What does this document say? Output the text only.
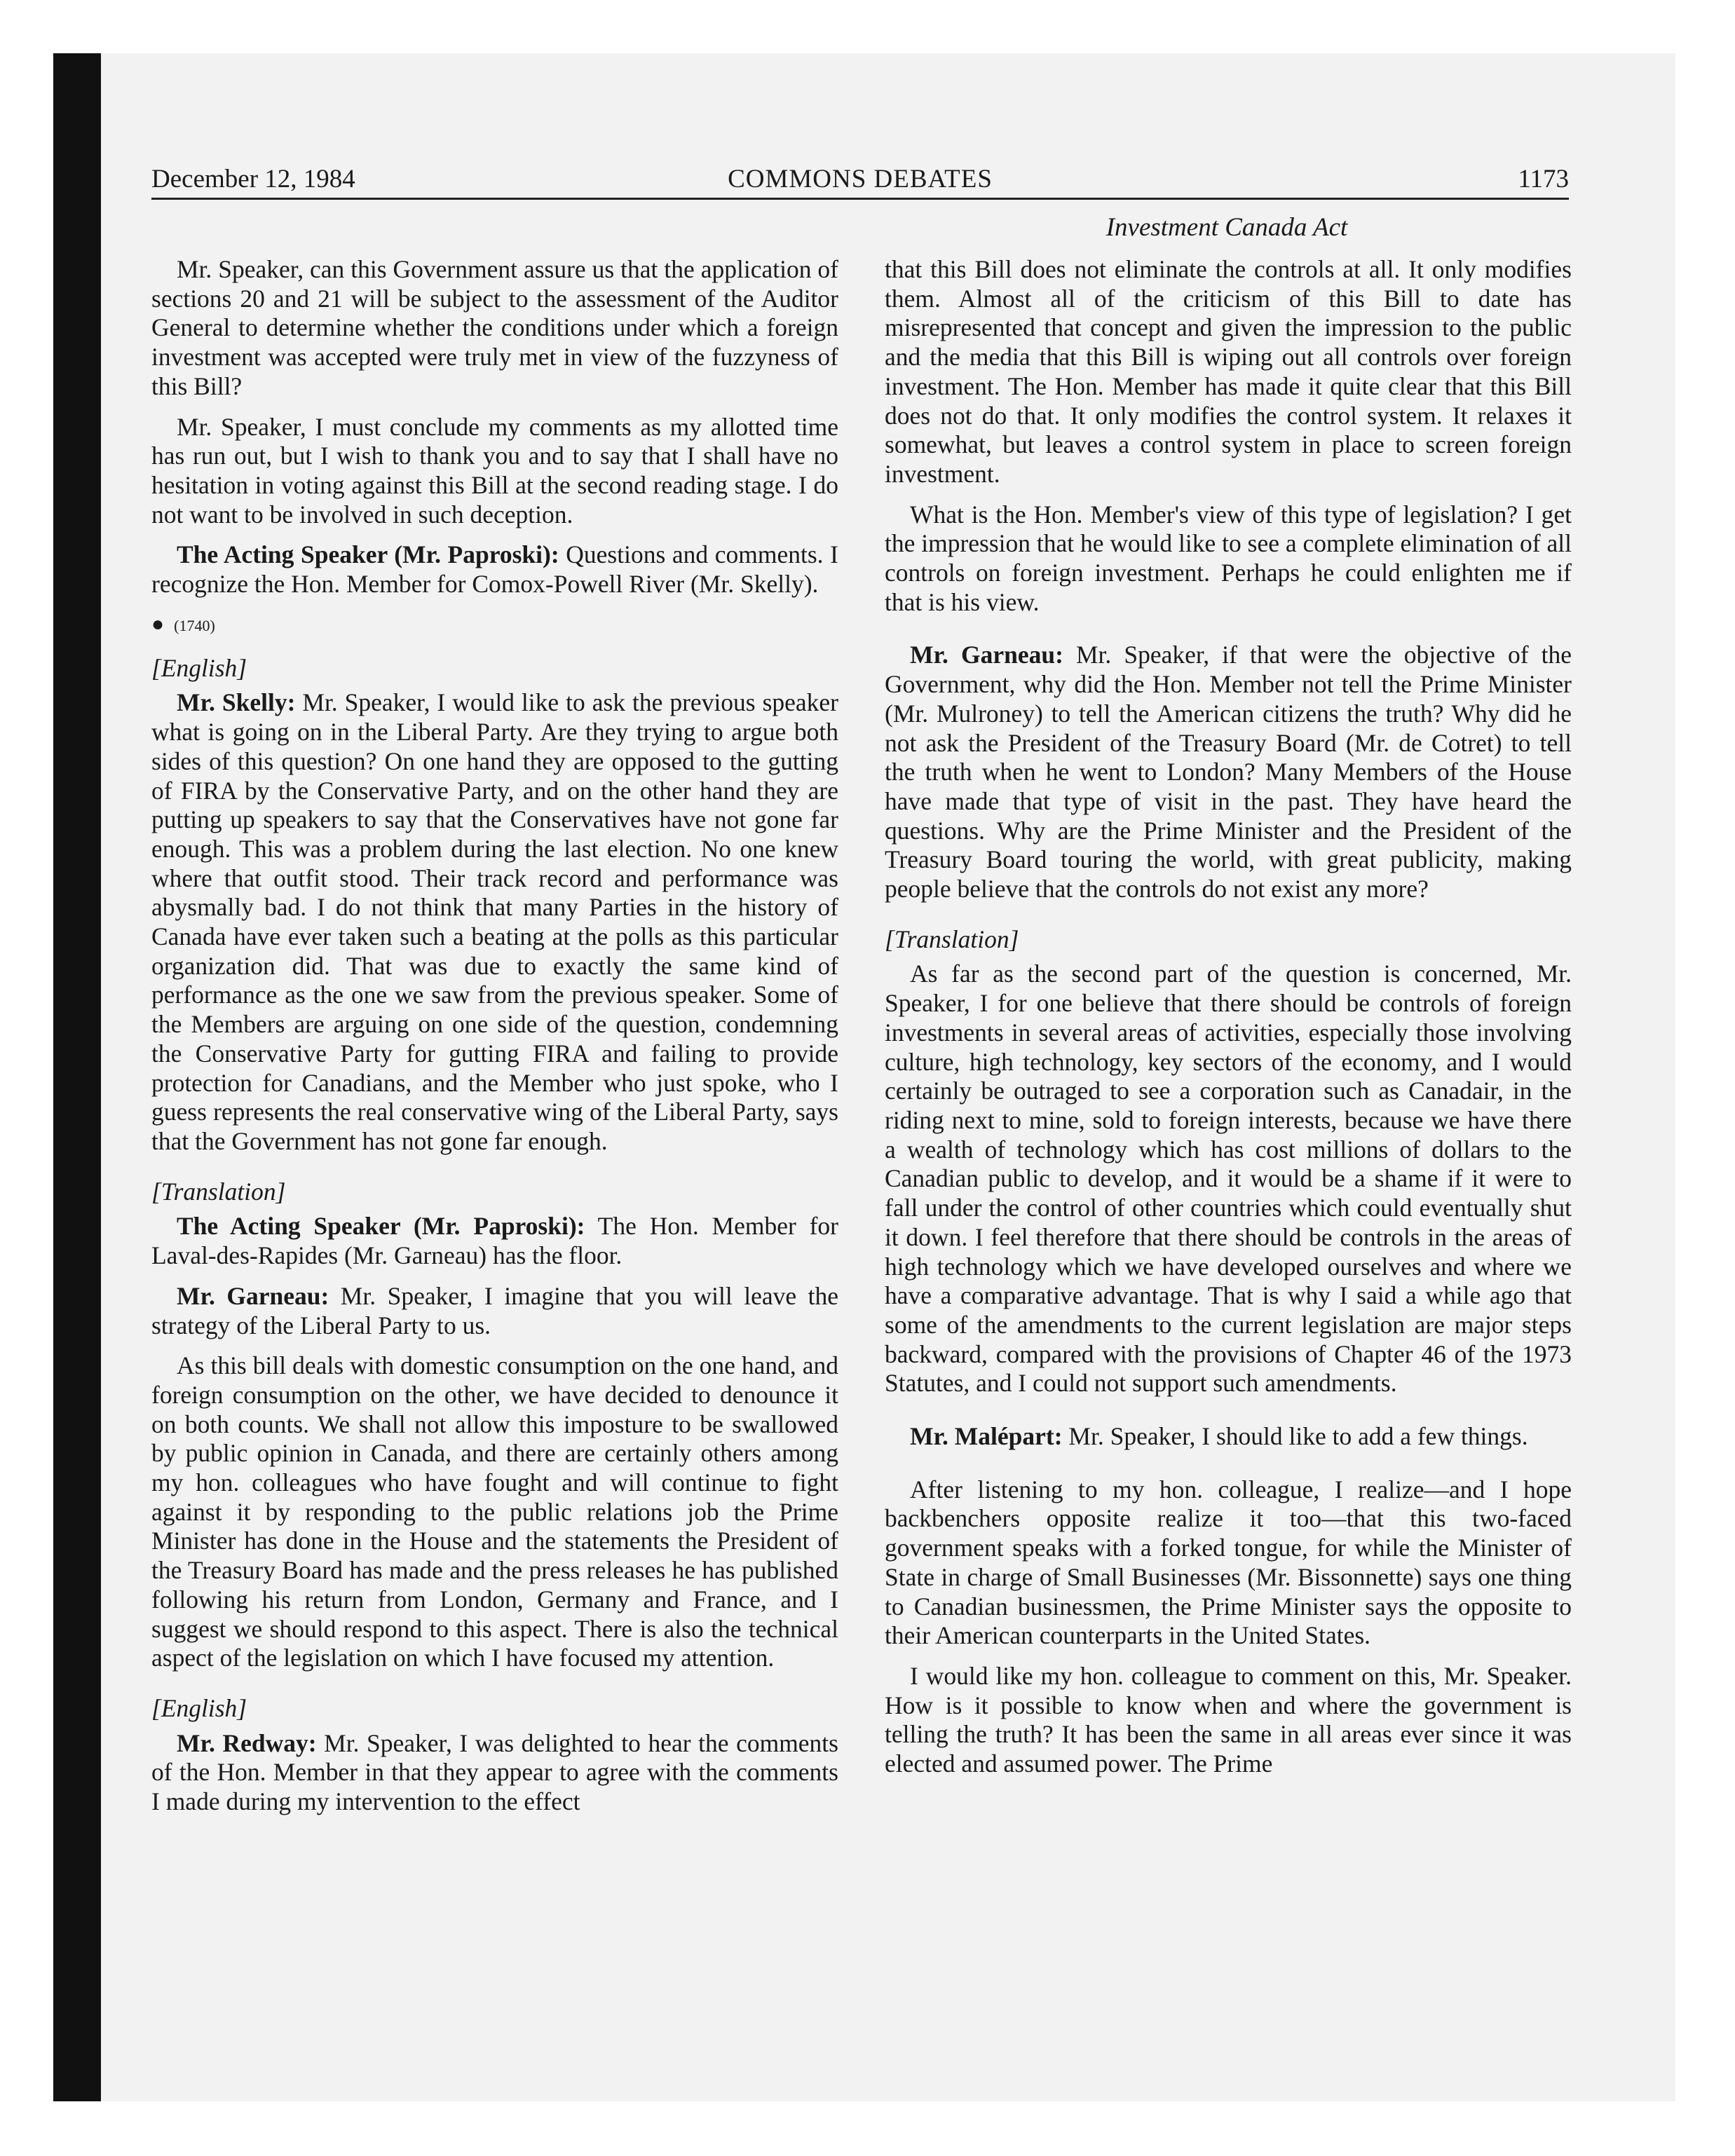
December 12, 1984	COMMONS DEBATES	1173
Investment Canada Act

Mr. Speaker, can this Government assure us that the application of sections 20 and 21 will be subject to the assessment of the Auditor General to determine whether the conditions under which a foreign investment was accepted were truly met in view of the fuzzyness of this Bill?

Mr. Speaker, I must conclude my comments as my allotted time has run out, but I wish to thank you and to say that I shall have no hesitation in voting against this Bill at the second reading stage. I do not want to be involved in such deception.

The Acting Speaker (Mr. Paproski): Questions and comments. I recognize the Hon. Member for Comox-Powell River (Mr. Skelly).

● (1740)

[English]

Mr. Skelly: Mr. Speaker, I would like to ask the previous speaker what is going on in the Liberal Party. Are they trying to argue both sides of this question? On one hand they are opposed to the gutting of FIRA by the Conservative Party, and on the other hand they are putting up speakers to say that the Conservatives have not gone far enough. This was a problem during the last election. No one knew where that outfit stood. Their track record and performance was abysmally bad. I do not think that many Parties in the history of Canada have ever taken such a beating at the polls as this particular organization did. That was due to exactly the same kind of performance as the one we saw from the previous speaker. Some of the Members are arguing on one side of the question, condemning the Conservative Party for gutting FIRA and failing to provide protection for Canadians, and the Member who just spoke, who I guess represents the real conservative wing of the Liberal Party, says that the Government has not gone far enough.

[Translation]

The Acting Speaker (Mr. Paproski): The Hon. Member for Laval-des-Rapides (Mr. Garneau) has the floor.

Mr. Garneau: Mr. Speaker, I imagine that you will leave the strategy of the Liberal Party to us.

As this bill deals with domestic consumption on the one hand, and foreign consumption on the other, we have decided to denounce it on both counts. We shall not allow this imposture to be swallowed by public opinion in Canada, and there are certainly others among my hon. colleagues who have fought and will continue to fight against it by responding to the public relations job the Prime Minister has done in the House and the statements the President of the Treasury Board has made and the press releases he has published following his return from London, Germany and France, and I suggest we should respond to this aspect. There is also the technical aspect of the legislation on which I have focused my attention.

[English]

Mr. Redway: Mr. Speaker, I was delighted to hear the comments of the Hon. Member in that they appear to agree with the comments I made during my intervention to the effect

that this Bill does not eliminate the controls at all. It only modifies them. Almost all of the criticism of this Bill to date has misrepresented that concept and given the impression to the public and the media that this Bill is wiping out all controls over foreign investment. The Hon. Member has made it quite clear that this Bill does not do that. It only modifies the control system. It relaxes it somewhat, but leaves a control system in place to screen foreign investment.

What is the Hon. Member's view of this type of legislation? I get the impression that he would like to see a complete elimination of all controls on foreign investment. Perhaps he could enlighten me if that is his view.

Mr. Garneau: Mr. Speaker, if that were the objective of the Government, why did the Hon. Member not tell the Prime Minister (Mr. Mulroney) to tell the American citizens the truth? Why did he not ask the President of the Treasury Board (Mr. de Cotret) to tell the truth when he went to London? Many Members of the House have made that type of visit in the past. They have heard the questions. Why are the Prime Minister and the President of the Treasury Board touring the world, with great publicity, making people believe that the controls do not exist any more?

[Translation]

As far as the second part of the question is concerned, Mr. Speaker, I for one believe that there should be controls of foreign investments in several areas of activities, especially those involving culture, high technology, key sectors of the economy, and I would certainly be outraged to see a corporation such as Canadair, in the riding next to mine, sold to foreign interests, because we have there a wealth of technology which has cost millions of dollars to the Canadian public to develop, and it would be a shame if it were to fall under the control of other countries which could eventually shut it down. I feel therefore that there should be controls in the areas of high technology which we have developed ourselves and where we have a comparative advantage. That is why I said a while ago that some of the amendments to the current legislation are major steps backward, compared with the provisions of Chapter 46 of the 1973 Statutes, and I could not support such amendments.

Mr. Malépart: Mr. Speaker, I should like to add a few things.

After listening to my hon. colleague, I realize—and I hope backbenchers opposite realize it too—that this two-faced government speaks with a forked tongue, for while the Minister of State in charge of Small Businesses (Mr. Bissonnette) says one thing to Canadian businessmen, the Prime Minister says the opposite to their American counterparts in the United States.

I would like my hon. colleague to comment on this, Mr. Speaker. How is it possible to know when and where the government is telling the truth? It has been the same in all areas ever since it was elected and assumed power. The Prime
